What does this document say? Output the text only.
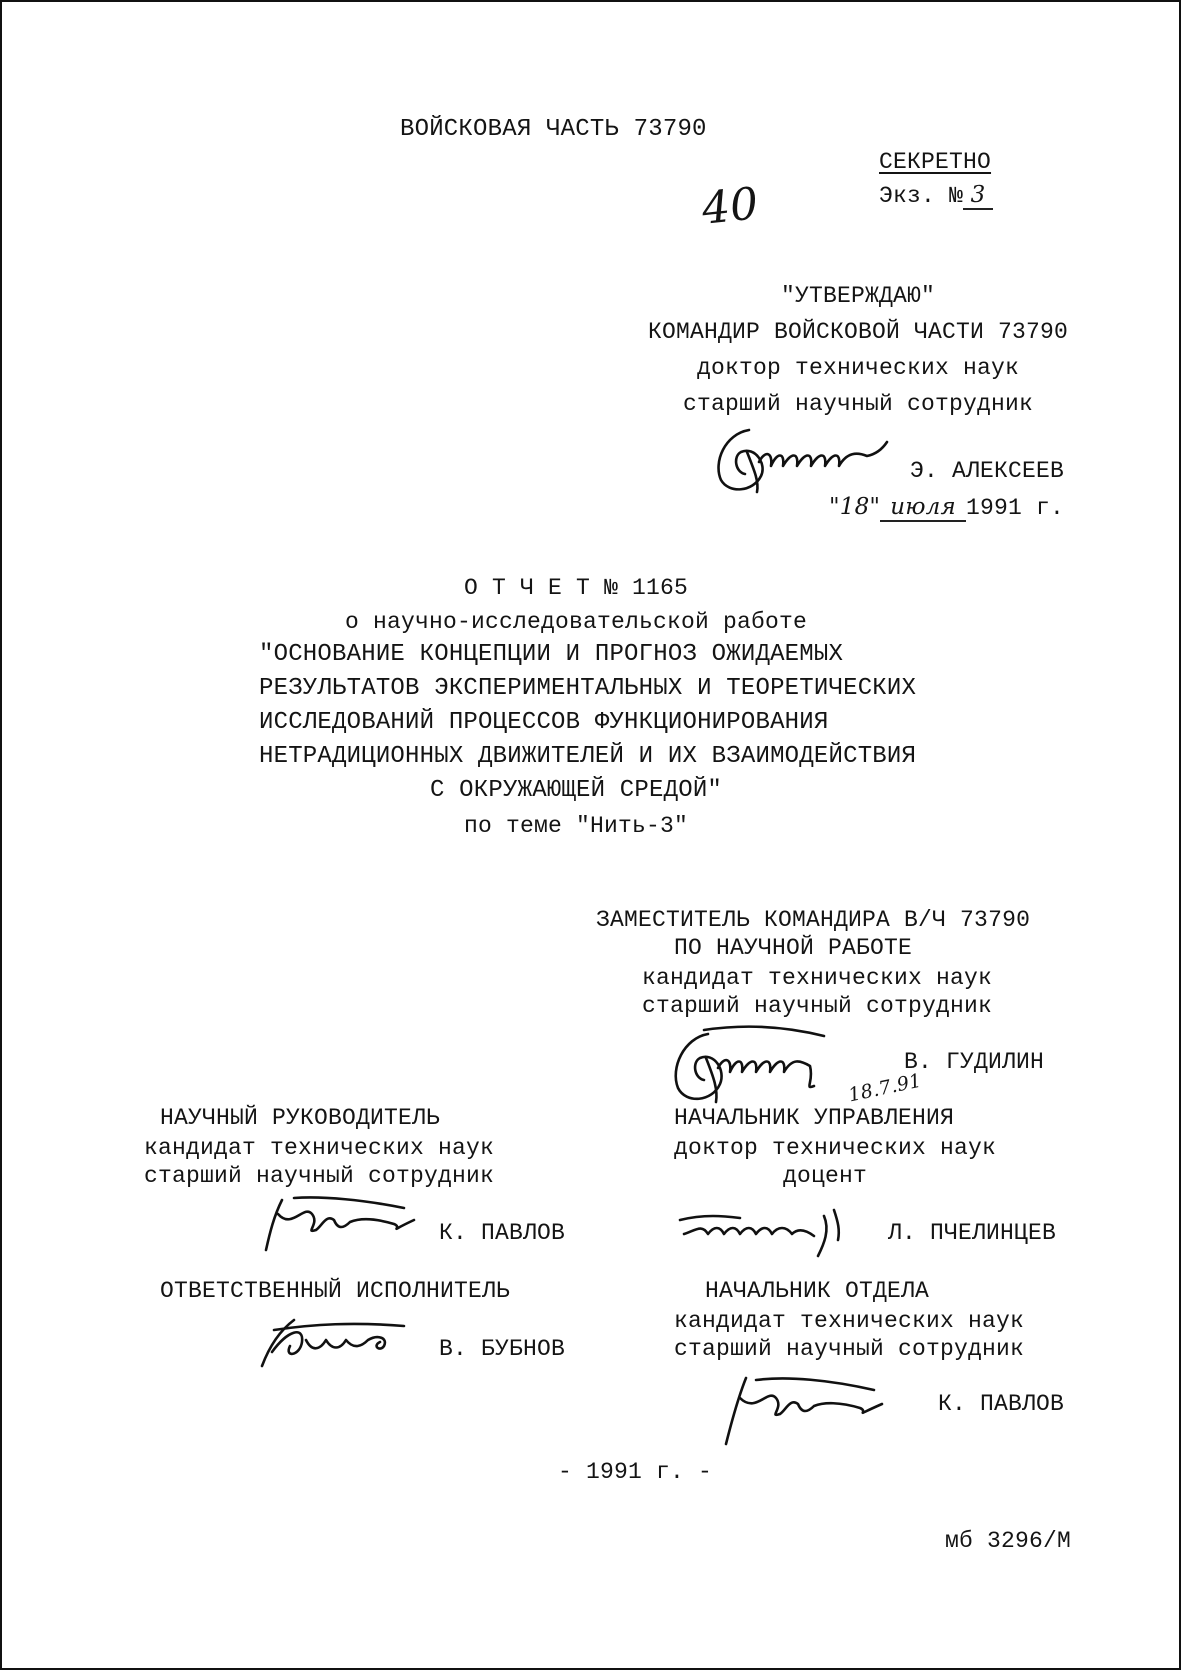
ВОЙСКОВАЯ ЧАСТЬ 73790
СЕКРЕТНО
Экз. № 3
40
"УТВЕРЖДАЮ"
КОМАНДИР ВОЙСКОВОЙ ЧАСТИ 73790
доктор технических наук
старший научный сотрудник
Э. АЛЕКСЕЕВ
"18" июля 1991 г.
О Т Ч Е Т № 1165
о научно-исследовательской работе
"ОСНОВАНИЕ КОНЦЕПЦИИ И ПРОГНОЗ ОЖИДАЕМЫХ
РЕЗУЛЬТАТОВ ЭКСПЕРИМЕНТАЛЬНЫХ И ТЕОРЕТИЧЕСКИХ
ИССЛЕДОВАНИЙ ПРОЦЕССОВ ФУНКЦИОНИРОВАНИЯ
НЕТРАДИЦИОННЫХ ДВИЖИТЕЛЕЙ И ИХ ВЗАИМОДЕЙСТВИЯ
С ОКРУЖАЮЩЕЙ СРЕДОЙ"
по теме "Нить-3"
ЗАМЕСТИТЕЛЬ КОМАНДИРА В/Ч 73790
ПО НАУЧНОЙ РАБОТЕ
кандидат технических наук
старший научный сотрудник
18.7.91
В. ГУДИЛИН
НАУЧНЫЙ РУКОВОДИТЕЛЬ
кандидат технических наук
старший научный сотрудник
К. ПАВЛОВ
НАЧАЛЬНИК УПРАВЛЕНИЯ
доктор технических наук
доцент
Л. ПЧЕЛИНЦЕВ
ОТВЕТСТВЕННЫЙ ИСПОЛНИТЕЛЬ
В. БУБНОВ
НАЧАЛЬНИК ОТДЕЛА
кандидат технических наук
старший научный сотрудник
К. ПАВЛОВ
- 1991 г. -
мб 3296/М
